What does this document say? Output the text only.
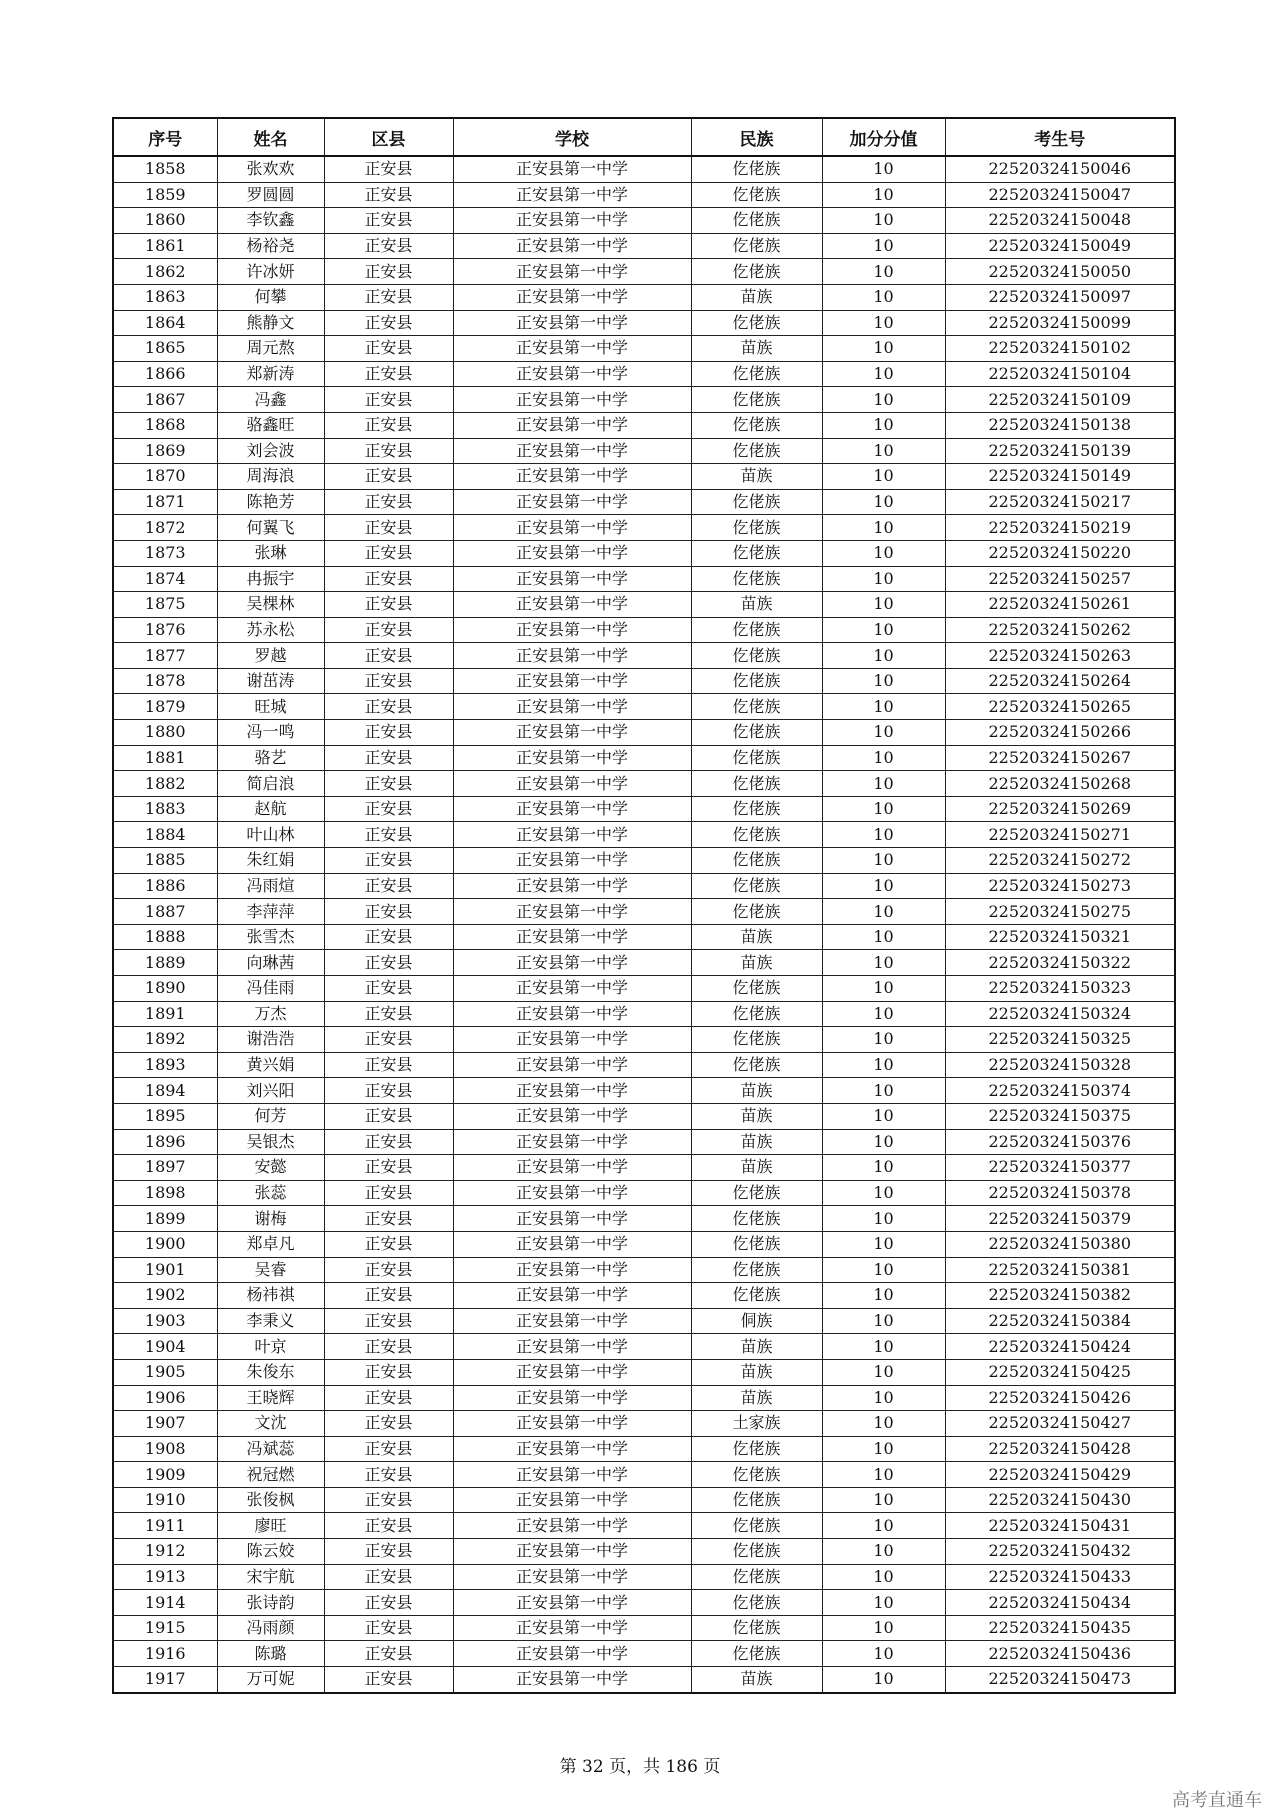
序号	姓名	区县	学校	民族	加分分值	考生号
1858	张欢欢	正安县	正安县第一中学	仡佬族	10	22520324150046
1859	罗圆圆	正安县	正安县第一中学	仡佬族	10	22520324150047
1860	李钦鑫	正安县	正安县第一中学	仡佬族	10	22520324150048
1861	杨裕尧	正安县	正安县第一中学	仡佬族	10	22520324150049
1862	许冰妍	正安县	正安县第一中学	仡佬族	10	22520324150050
1863	何攀	正安县	正安县第一中学	苗族	10	22520324150097
1864	熊静文	正安县	正安县第一中学	仡佬族	10	22520324150099
1865	周元熬	正安县	正安县第一中学	苗族	10	22520324150102
1866	郑新涛	正安县	正安县第一中学	仡佬族	10	22520324150104
1867	冯鑫	正安县	正安县第一中学	仡佬族	10	22520324150109
1868	骆鑫旺	正安县	正安县第一中学	仡佬族	10	22520324150138
1869	刘会波	正安县	正安县第一中学	仡佬族	10	22520324150139
1870	周海浪	正安县	正安县第一中学	苗族	10	22520324150149
1871	陈艳芳	正安县	正安县第一中学	仡佬族	10	22520324150217
1872	何翼飞	正安县	正安县第一中学	仡佬族	10	22520324150219
1873	张琳	正安县	正安县第一中学	仡佬族	10	22520324150220
1874	冉振宇	正安县	正安县第一中学	仡佬族	10	22520324150257
1875	吴棵林	正安县	正安县第一中学	苗族	10	22520324150261
1876	苏永松	正安县	正安县第一中学	仡佬族	10	22520324150262
1877	罗越	正安县	正安县第一中学	仡佬族	10	22520324150263
1878	谢茁涛	正安县	正安县第一中学	仡佬族	10	22520324150264
1879	旺城	正安县	正安县第一中学	仡佬族	10	22520324150265
1880	冯一鸣	正安县	正安县第一中学	仡佬族	10	22520324150266
1881	骆艺	正安县	正安县第一中学	仡佬族	10	22520324150267
1882	简启浪	正安县	正安县第一中学	仡佬族	10	22520324150268
1883	赵航	正安县	正安县第一中学	仡佬族	10	22520324150269
1884	叶山林	正安县	正安县第一中学	仡佬族	10	22520324150271
1885	朱红娟	正安县	正安县第一中学	仡佬族	10	22520324150272
1886	冯雨煊	正安县	正安县第一中学	仡佬族	10	22520324150273
1887	李萍萍	正安县	正安县第一中学	仡佬族	10	22520324150275
1888	张雪杰	正安县	正安县第一中学	苗族	10	22520324150321
1889	向琳茜	正安县	正安县第一中学	苗族	10	22520324150322
1890	冯佳雨	正安县	正安县第一中学	仡佬族	10	22520324150323
1891	万杰	正安县	正安县第一中学	仡佬族	10	22520324150324
1892	谢浩浩	正安县	正安县第一中学	仡佬族	10	22520324150325
1893	黄兴娟	正安县	正安县第一中学	仡佬族	10	22520324150328
1894	刘兴阳	正安县	正安县第一中学	苗族	10	22520324150374
1895	何芳	正安县	正安县第一中学	苗族	10	22520324150375
1896	吴银杰	正安县	正安县第一中学	苗族	10	22520324150376
1897	安懿	正安县	正安县第一中学	苗族	10	22520324150377
1898	张蕊	正安县	正安县第一中学	仡佬族	10	22520324150378
1899	谢梅	正安县	正安县第一中学	仡佬族	10	22520324150379
1900	郑卓凡	正安县	正安县第一中学	仡佬族	10	22520324150380
1901	吴睿	正安县	正安县第一中学	仡佬族	10	22520324150381
1902	杨祎祺	正安县	正安县第一中学	仡佬族	10	22520324150382
1903	李秉义	正安县	正安县第一中学	侗族	10	22520324150384
1904	叶京	正安县	正安县第一中学	苗族	10	22520324150424
1905	朱俊东	正安县	正安县第一中学	苗族	10	22520324150425
1906	王晓辉	正安县	正安县第一中学	苗族	10	22520324150426
1907	文沈	正安县	正安县第一中学	土家族	10	22520324150427
1908	冯斌蕊	正安县	正安县第一中学	仡佬族	10	22520324150428
1909	祝冠燃	正安县	正安县第一中学	仡佬族	10	22520324150429
1910	张俊枫	正安县	正安县第一中学	仡佬族	10	22520324150430
1911	廖旺	正安县	正安县第一中学	仡佬族	10	22520324150431
1912	陈云姣	正安县	正安县第一中学	仡佬族	10	22520324150432
1913	宋宇航	正安县	正安县第一中学	仡佬族	10	22520324150433
1914	张诗韵	正安县	正安县第一中学	仡佬族	10	22520324150434
1915	冯雨颜	正安县	正安县第一中学	仡佬族	10	22520324150435
1916	陈璐	正安县	正安县第一中学	仡佬族	10	22520324150436
1917	万可妮	正安县	正安县第一中学	苗族	10	22520324150473
第 32 页，共 186 页
高考直通车
